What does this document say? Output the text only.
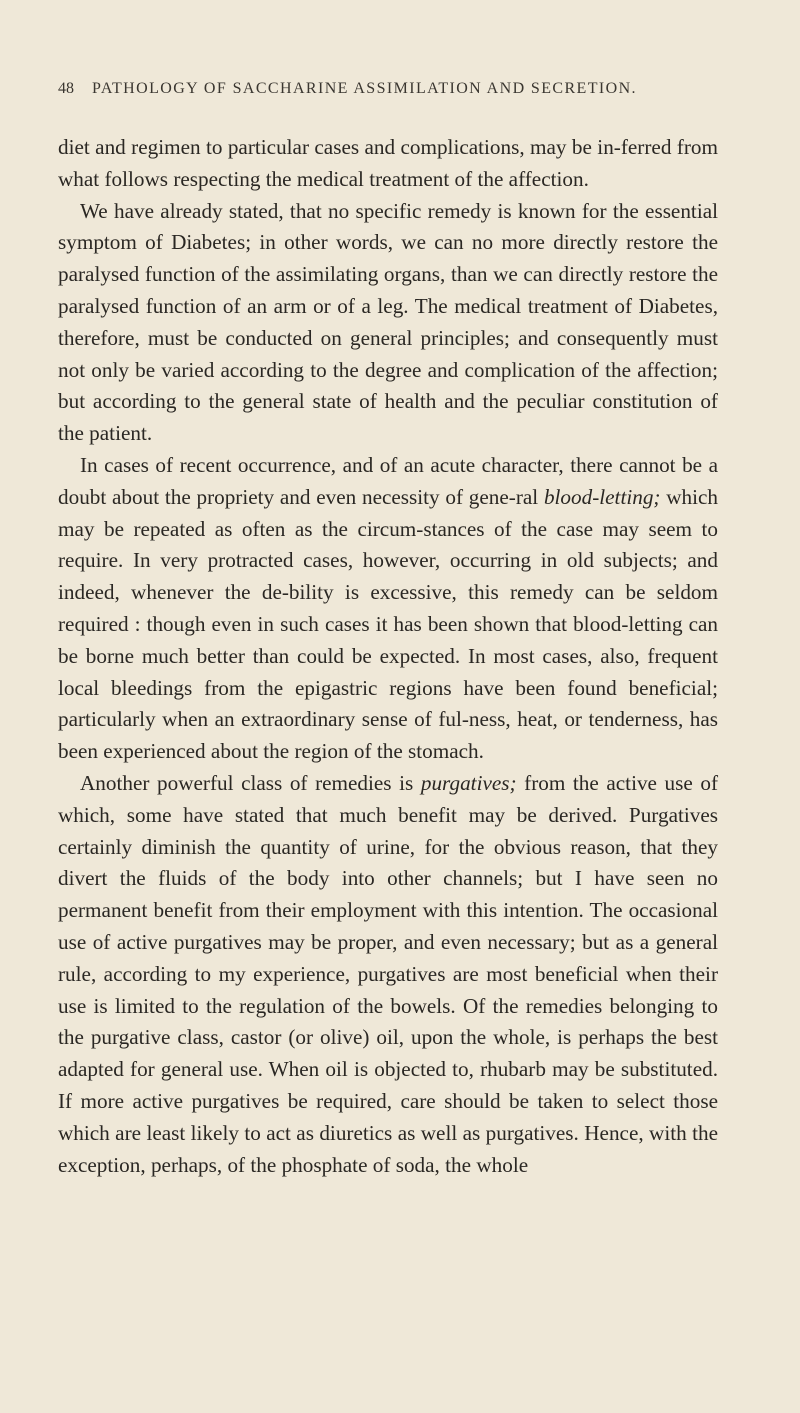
48 PATHOLOGY OF SACCHARINE ASSIMILATION AND SECRETION.

diet and regimen to particular cases and complications, may be in-ferred from what follows respecting the medical treatment of the affection.

We have already stated, that no specific remedy is known for the essential symptom of Diabetes; in other words, we can no more directly restore the paralysed function of the assimilating organs, than we can directly restore the paralysed function of an arm or of a leg. The medical treatment of Diabetes, therefore, must be conducted on general principles; and consequently must not only be varied according to the degree and complication of the affection; but according to the general state of health and the peculiar constitution of the patient.

In cases of recent occurrence, and of an acute character, there cannot be a doubt about the propriety and even necessity of gene-ral blood-letting; which may be repeated as often as the circum-stances of the case may seem to require. In very protracted cases, however, occurring in old subjects; and indeed, whenever the de-bility is excessive, this remedy can be seldom required : though even in such cases it has been shown that blood-letting can be borne much better than could be expected. In most cases, also, frequent local bleedings from the epigastric regions have been found beneficial; particularly when an extraordinary sense of ful-ness, heat, or tenderness, has been experienced about the region of the stomach.

Another powerful class of remedies is purgatives; from the active use of which, some have stated that much benefit may be derived. Purgatives certainly diminish the quantity of urine, for the obvious reason, that they divert the fluids of the body into other channels; but I have seen no permanent benefit from their employment with this intention. The occasional use of active purgatives may be proper, and even necessary; but as a general rule, according to my experience, purgatives are most beneficial when their use is limited to the regulation of the bowels. Of the remedies belonging to the purgative class, castor (or olive) oil, upon the whole, is perhaps the best adapted for general use. When oil is objected to, rhubarb may be substituted. If more active purgatives be required, care should be taken to select those which are least likely to act as diuretics as well as purgatives. Hence, with the exception, perhaps, of the phosphate of soda, the whole
